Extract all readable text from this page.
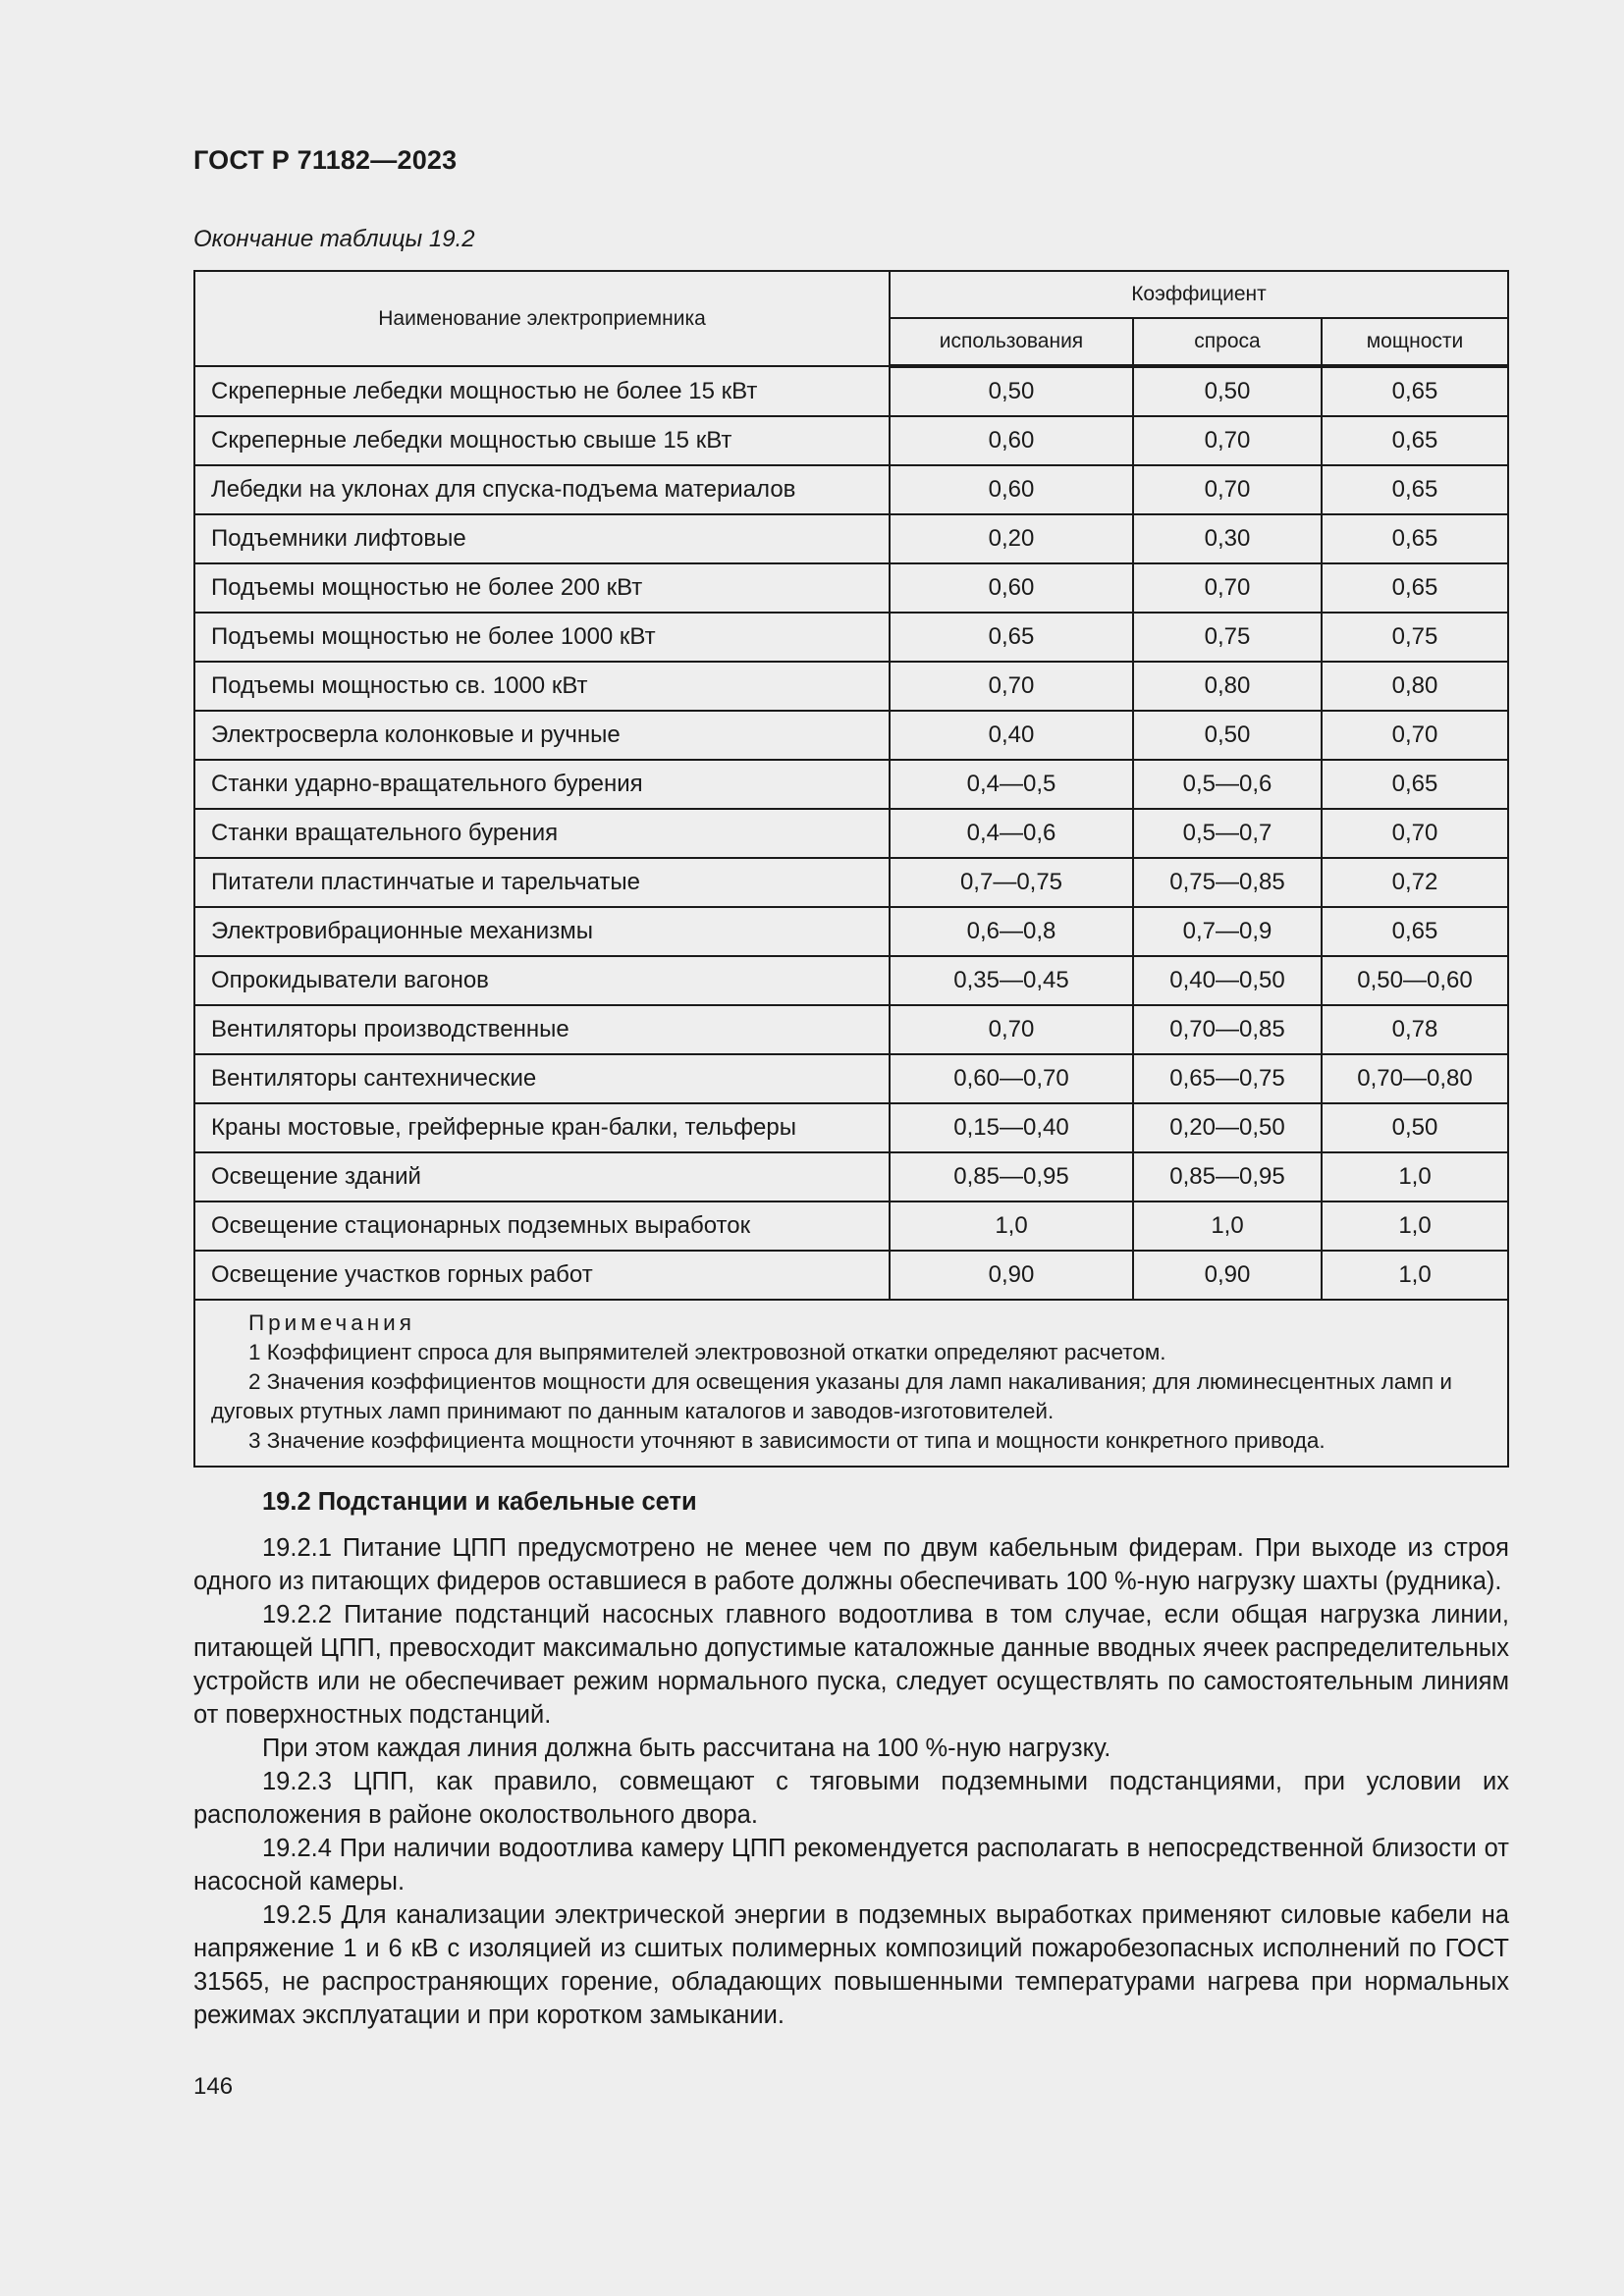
ГОСТ Р 71182—2023
Окончание таблицы 19.2
Наименование электроприемника	Коэффициент		
	использования	спроса	мощности
Скреперные лебедки мощностью не более 15 кВт	0,50	0,50	0,65
Скреперные лебедки мощностью свыше 15 кВт	0,60	0,70	0,65
Лебедки на уклонах для спуска-подъема материалов	0,60	0,70	0,65
Подъемники лифтовые	0,20	0,30	0,65
Подъемы мощностью не более 200 кВт	0,60	0,70	0,65
Подъемы мощностью не более 1000 кВт	0,65	0,75	0,75
Подъемы мощностью св. 1000 кВт	0,70	0,80	0,80
Электросверла колонковые и ручные	0,40	0,50	0,70
Станки ударно-вращательного бурения	0,4—0,5	0,5—0,6	0,65
Станки вращательного бурения	0,4—0,6	0,5—0,7	0,70
Питатели пластинчатые и тарельчатые	0,7—0,75	0,75—0,85	0,72
Электровибрационные механизмы	0,6—0,8	0,7—0,9	0,65
Опрокидыватели вагонов	0,35—0,45	0,40—0,50	0,50—0,60
Вентиляторы производственные	0,70	0,70—0,85	0,78
Вентиляторы сантехнические	0,60—0,70	0,65—0,75	0,70—0,80
Краны мостовые, грейферные кран-балки, тельферы	0,15—0,40	0,20—0,50	0,50
Освещение зданий	0,85—0,95	0,85—0,95	1,0
Освещение стационарных подземных выработок	1,0	1,0	1,0
Освещение участков горных работ	0,90	0,90	1,0

Примечания
1 Коэффициент спроса для выпрямителей электровозной откатки определяют расчетом.
2 Значения коэффициентов мощности для освещения указаны для ламп накаливания; для люминесцентных ламп и дуговых ртутных ламп принимают по данным каталогов и заводов-изготовителей.
3 Значение коэффициента мощности уточняют в зависимости от типа и мощности конкретного привода.			
19.2 Подстанции и кабельные сети

19.2.1 Питание ЦПП предусмотрено не менее чем по двум кабельным фидерам. При выходе из строя одного из питающих фидеров оставшиеся в работе должны обеспечивать 100 %-ную нагрузку шахты (рудника).

19.2.2 Питание подстанций насосных главного водоотлива в том случае, если общая нагрузка линии, питающей ЦПП, превосходит максимально допустимые каталожные данные вводных ячеек распределительных устройств или не обеспечивает режим нормального пуска, следует осуществлять по самостоятельным линиям от поверхностных подстанций.

При этом каждая линия должна быть рассчитана на 100 %-ную нагрузку.

19.2.3 ЦПП, как правило, совмещают с тяговыми подземными подстанциями, при условии их расположения в районе околоствольного двора.

19.2.4 При наличии водоотлива камеру ЦПП рекомендуется располагать в непосредственной близости от насосной камеры.

19.2.5 Для канализации электрической энергии в подземных выработках применяют силовые кабели на напряжение 1 и 6 кВ с изоляцией из сшитых полимерных композиций пожаробезопасных исполнений по ГОСТ 31565, не распространяющих горение, обладающих повышенными температурами нагрева при нормальных режимах эксплуатации и при коротком замыкании.

146
